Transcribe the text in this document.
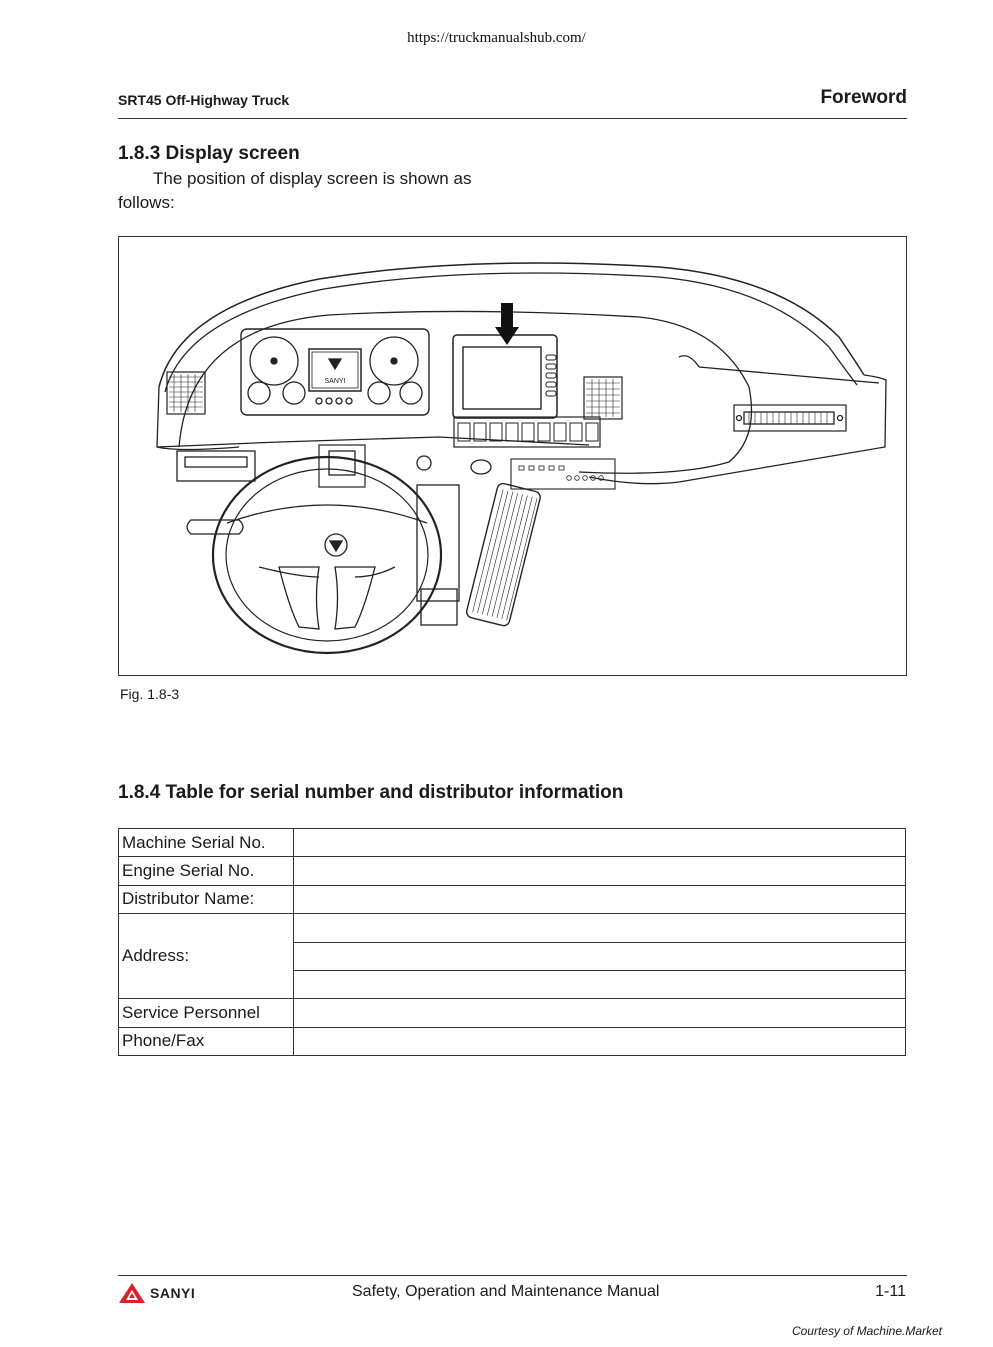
https://truckmanualshub.com/
SRT45 Off-Highway Truck	Foreword
1.8.3 Display screen
The position of display screen is shown as
follows:
SANYI
Fig. 1.8-3
1.8.4 Table for serial number and distributor information
Machine Serial No.	
Engine Serial No.	
Distributor Name:	
Address:	

Service Personnel	
Phone/Fax	
SANYI	Safety, Operation and Maintenance Manual	1-11
Courtesy of Machine.Market
